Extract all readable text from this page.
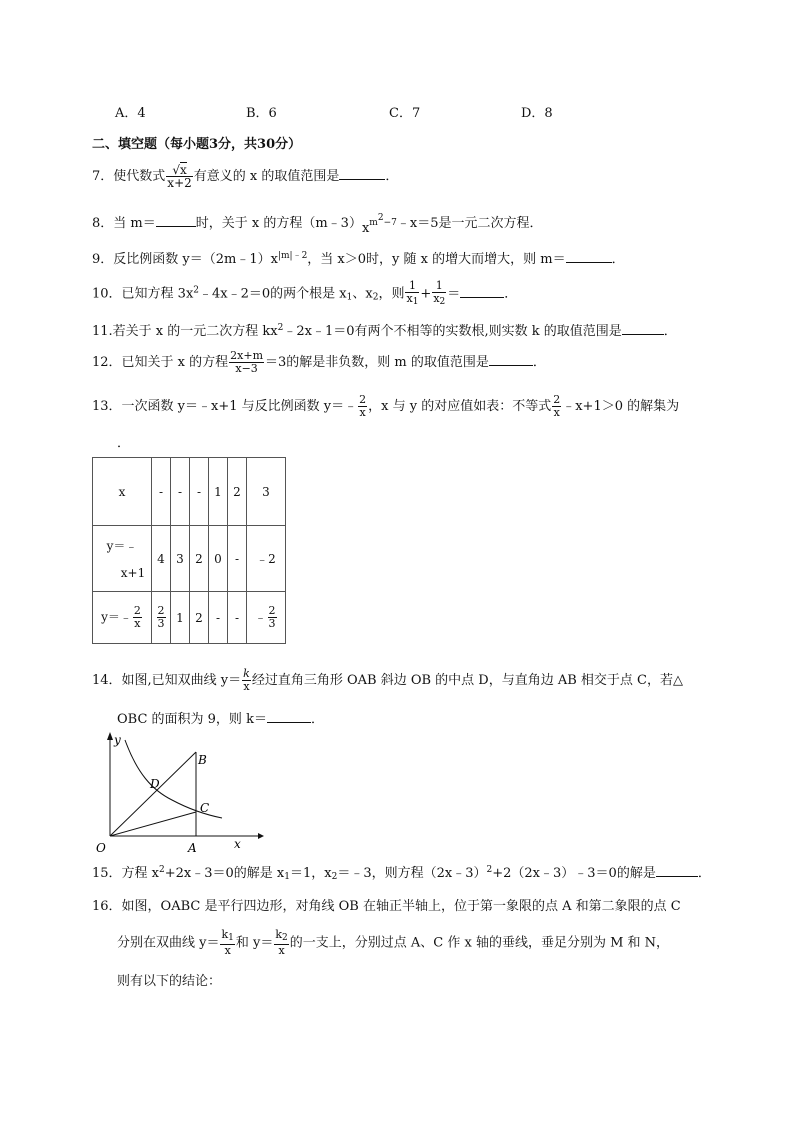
A．4	B．6	C．7	D．8
二、填空题（每小题3分，共30分）
7．使代数式 $\frac{√x}{x+2}$ 有意义的 x 的取值范围是	．
8．当 m＝	时，关于 x 的方程$(m﹣3)x^{m^2-7}﹣x=5$是一元二次方程．
9．反比例函数 $y=(2m﹣1)x^{|m|﹣2}$，当 x＞0时，y 随 x 的增大而增大，则 m＝	．
10．已知方程 $3x^2﹣4x﹣2=0$的两个根是 $x_1$、$x_2$，则 $\frac{1}{x_1} + \frac{1}{x_2}$ ＝	．
11.若关于 x 的一元二次方程 $kx^2﹣2x﹣1=0$有两个不相等的实数根,则实数 k 的取值范围是	．
12．已知关于 x 的方程 $\frac{2x+m}{x-3} =3$的解是非负数，则 m 的取值范围是	．
13．一次函数 y＝﹣x+1 与反比例函数 y＝﹣ $\frac{2}{x}$ ，x 与 y 的对应值如表：不等式 $\frac{2}{x}$ ﹣x+1＞0 的解集为
．
x	-	-	-	1	2	3

y＝﹣
x+1	4	3	2	0	-	﹣2
y＝﹣ $\frac{2}{x}$	$\frac{2}{3}$	1	2	-	-	﹣ $\frac{2}{3}$
14．如图,已知双曲线 $y= \frac{k}{x}$ 经过直角三角形 OAB 斜边 OB 的中点 D，与直角边 AB 相交于点 C，若△
OBC 的面积为 9，则 k＝	．
y
x
O	A
B
C
D
15．方程 $x^2+2x﹣3=0$的解是 $x_1=1$，$x_2=﹣3$，则方程（2x﹣3）$^2$+2（2x﹣3）﹣3＝0的解是	．
16．如图，OABC 是平行四边形，对角线 OB 在轴正半轴上，位于第一象限的点 A 和第二象限的点 C
分别在双曲线 $y= \frac{k_1}{x}$ 和 $y= \frac{k_2}{x}$ 的一支上，分别过点 A、C 作 x 轴的垂线，垂足分别为 M 和 N，
则有以下的结论：
